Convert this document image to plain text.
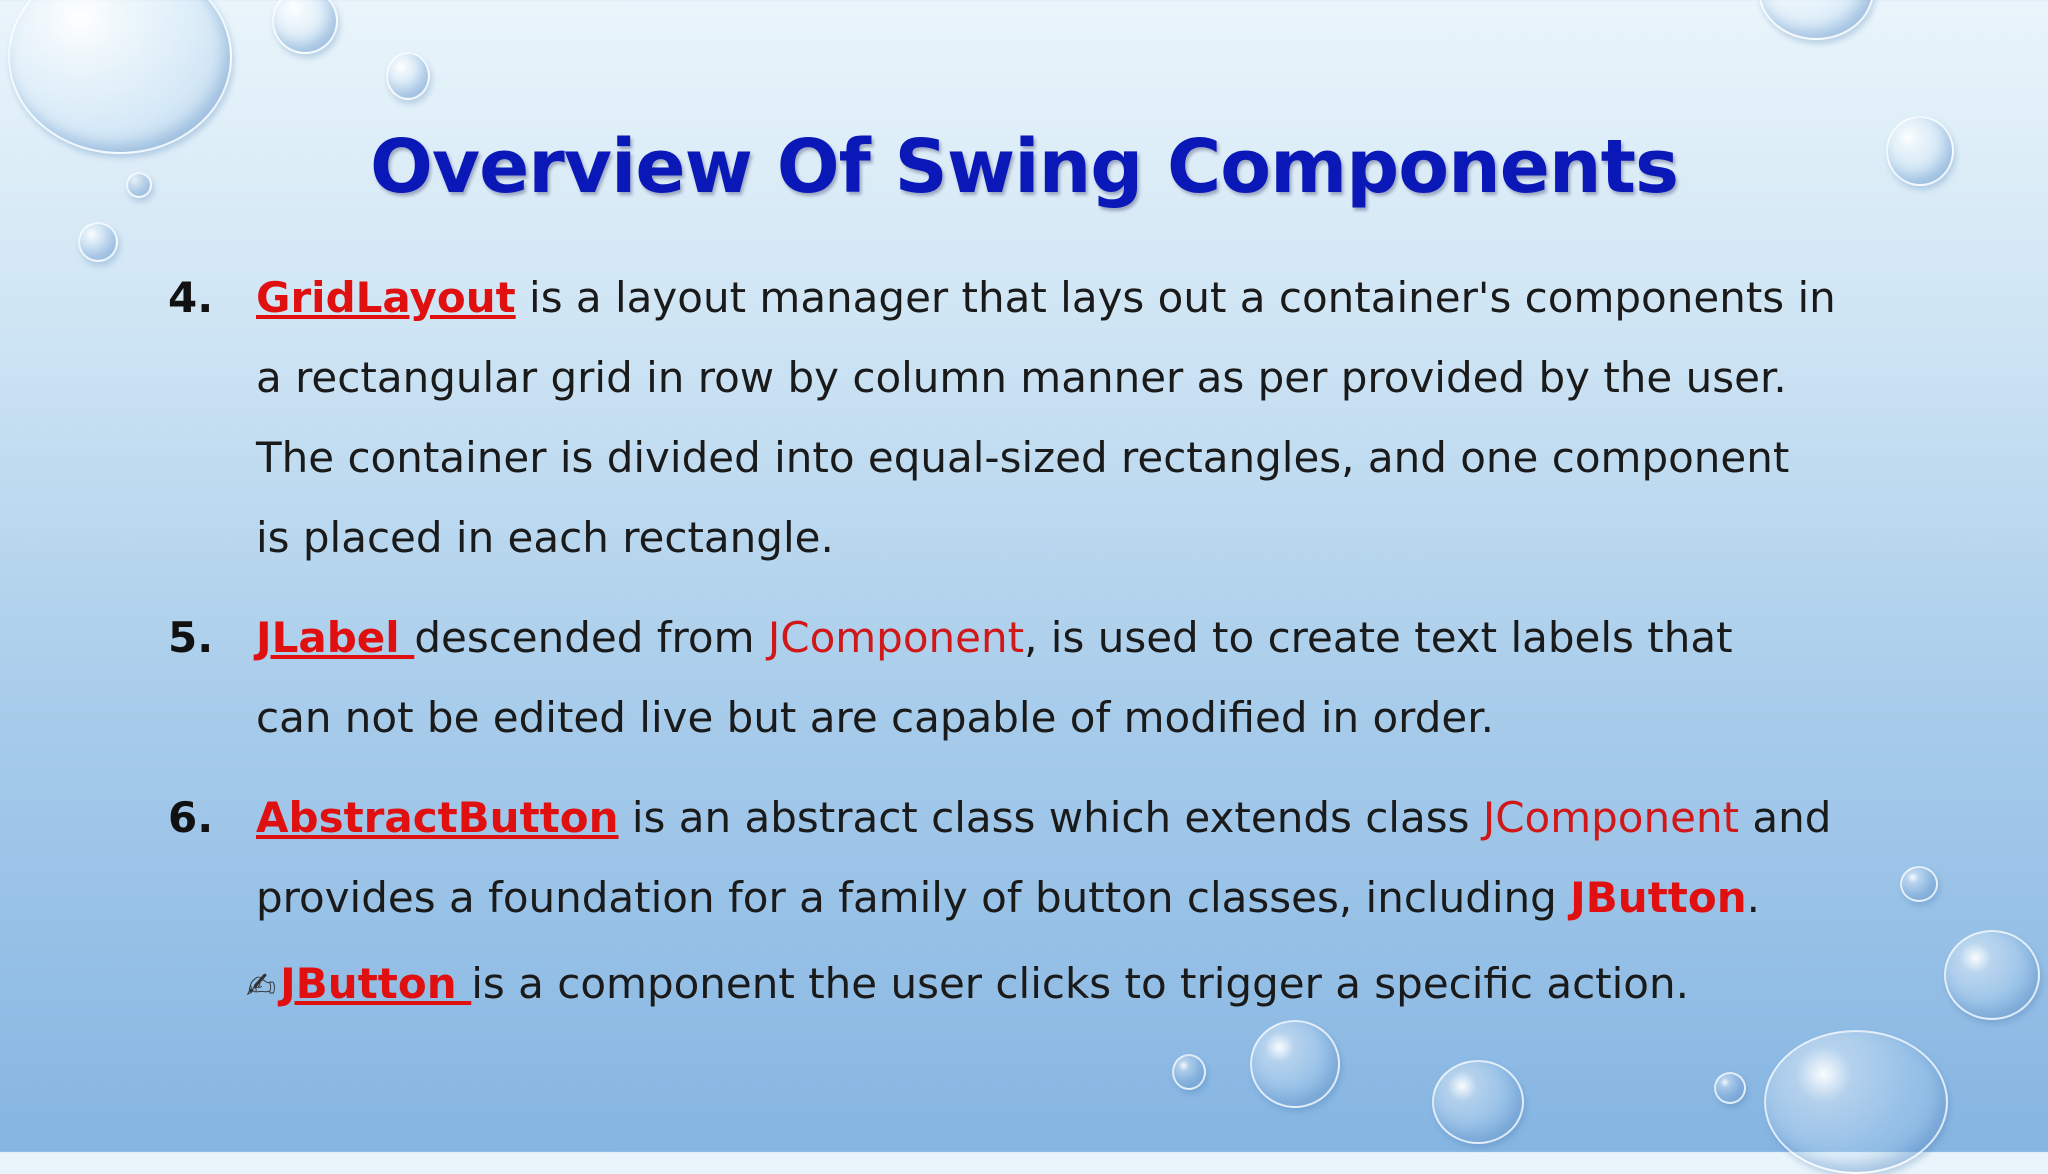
Overview Of Swing Components
4. GridLayout is a layout manager that lays out a container's components in
a rectangular grid in row by column manner as per provided by the user.
The container is divided into equal-sized rectangles, and one component
is placed in each rectangle.
5. JLabel descended from JComponent, is used to create text labels that
can not be edited live but are capable of modified in order.
6. AbstractButton is an abstract class which extends class JComponent and
provides a foundation for a family of button classes, including JButton.
✍JButton is a component the user clicks to trigger a specific action.
